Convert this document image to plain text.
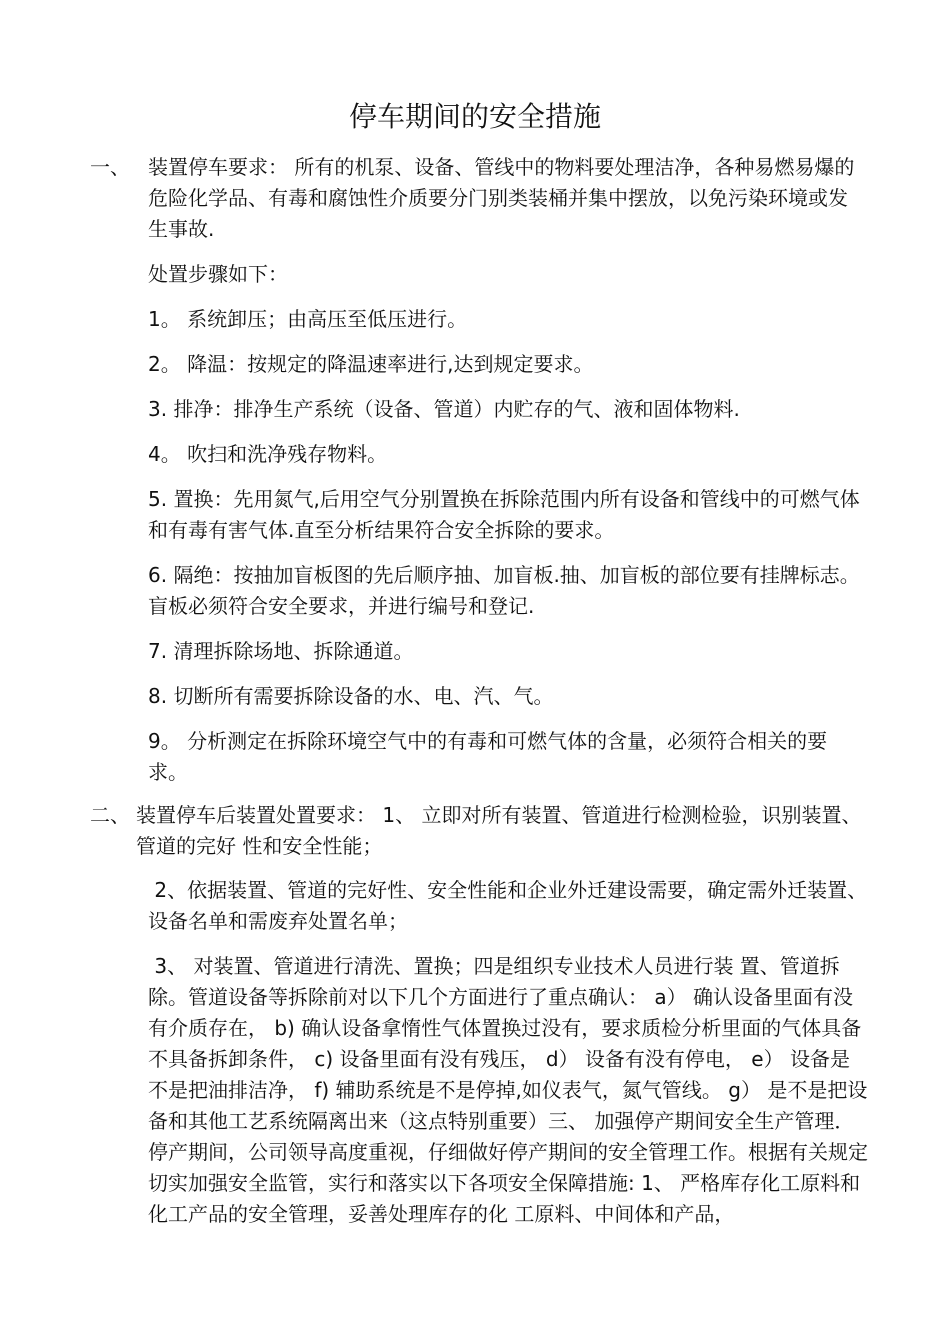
停车期间的安全措施
一、 装置停车要求： 所有的机泵、设备、管线中的物料要处理洁净，各种易燃易爆的危险化学品、有毒和腐蚀性介质要分门别类装桶并集中摆放，以免污染环境或发生事故.

处置步骤如下：

1。 系统卸压；由高压至低压进行。

2。 降温：按规定的降温速率进行,达到规定要求。

3. 排净：排净生产系统（设备、管道）内贮存的气、液和固体物料.

4。 吹扫和洗净残存物料。

5. 置换：先用氮气,后用空气分别置换在拆除范围内所有设备和管线中的可燃气体和有毒有害气体.直至分析结果符合安全拆除的要求。

6. 隔绝：按抽加盲板图的先后顺序抽、加盲板.抽、加盲板的部位要有挂牌标志。盲板必须符合安全要求，并进行编号和登记.

7. 清理拆除场地、拆除通道。

8. 切断所有需要拆除设备的水、电、汽、气。

9。 分析测定在拆除环境空气中的有毒和可燃气体的含量，必须符合相关的要求。

二、 装置停车后装置处置要求： 1、 立即对所有装置、管道进行检测检验，识别装置、管道的完好 性和安全性能；

2、依据装置、管道的完好性、安全性能和企业外迁建设需要，确定需外迁装置、设备名单和需废弃处置名单；

3、 对装置、管道进行清洗、置换；四是组织专业技术人员进行装 置、管道拆除。管道设备等拆除前对以下几个方面进行了重点确认： a） 确认设备里面有没有介质存在， b) 确认设备拿惰性气体置换过没有，要求质检分析里面的气体具备不具备拆卸条件， c) 设备里面有没有残压， d） 设备有没有停电， e） 设备是不是把油排洁净， f) 辅助系统是不是停掉,如仪表气，氮气管线。 g） 是不是把设备和其他工艺系统隔离出来（这点特别重要）三、 加强停产期间安全生产管理．停产期间，公司领导高度重视，仔细做好停产期间的安全管理工作。根据有关规定切实加强安全监管，实行和落实以下各项安全保障措施: 1、 严格库存化工原料和化工产品的安全管理，妥善处理库存的化 工原料、中间体和产品，
